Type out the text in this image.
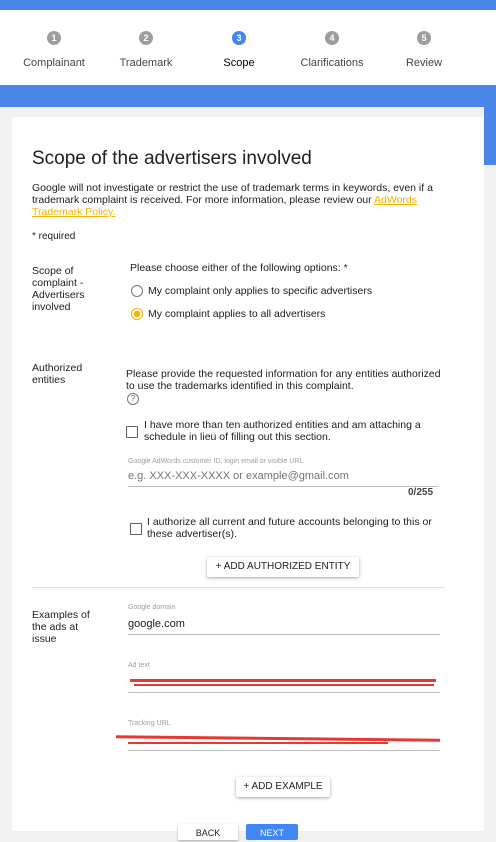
1
Complainant
2
Trademark
3
Scope
4
Clarifications
5
Review
Scope of the advertisers involved
Google will not investigate or restrict the use of trademark terms in keywords, even if a trademark complaint is received. For more information, please review our AdWords Trademark Policy.
* required
Scope of complaint - Advertisers involved
Please choose either of the following options: *
My complaint only applies to specific advertisers
My complaint applies to all advertisers
Authorized entities	Please provide the requested information for any entities authorized to use the trademarks identified in this complaint.
?
I have more than ten authorized entities and am attaching a schedule in lieu of filling out this section.
Google AdWords customer ID, login email or visible URL
e.g. XXX-XXX-XXXX or example@gmail.com
0/255
I authorize all current and future accounts belonging to this or these advertiser(s).
+ ADD AUTHORIZED ENTITY
Examples of the ads at issue
Google domain
google.com
Ad text
Tracking URL
+ ADD EXAMPLE
BACK	NEXT
